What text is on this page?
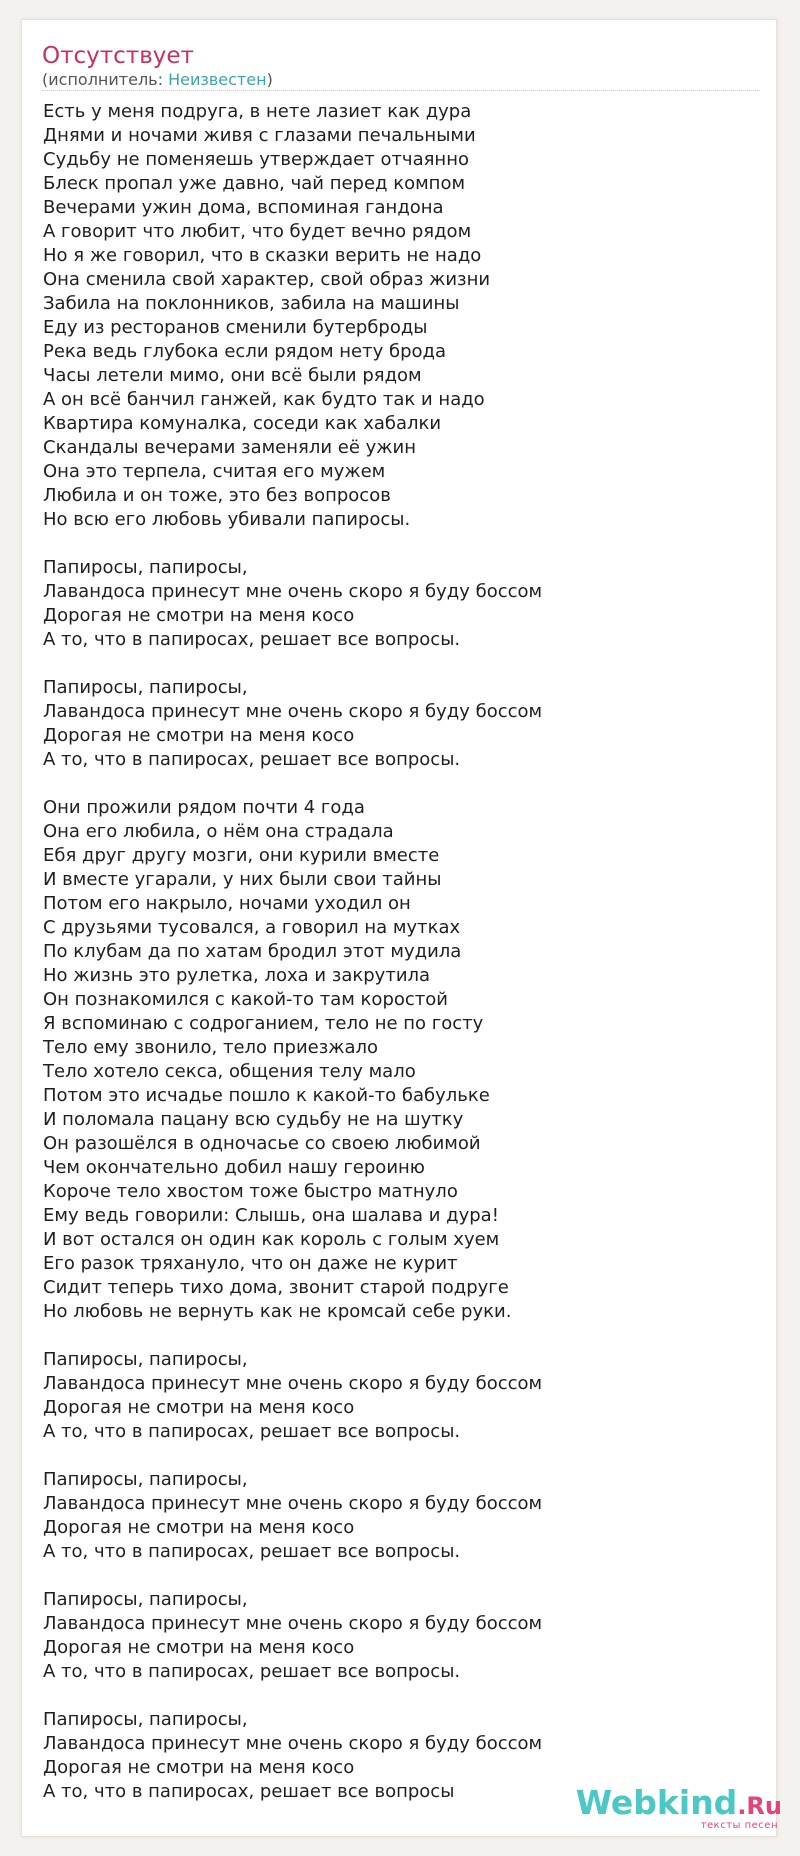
Отсутствует
(исполнитель: Неизвестен)
Есть у меня подруга, в нете лазиет как дура
Днями и ночами живя с глазами печальными
Судьбу не поменяешь утверждает отчаянно
Блеск пропал уже давно, чай перед компом
Вечерами ужин дома, вспоминая гандона
А говорит что любит, что будет вечно рядом
Но я же говорил, что в сказки верить не надо
Она сменила свой характер, свой образ жизни
Забила на поклонников, забила на машины
Еду из ресторанов сменили бутерброды
Река ведь глубока если рядом нету брода
Часы летели мимо, они всё были рядом
А он всё банчил ганжей, как будто так и надо
Квартира комуналка, соседи как хабалки
Скандалы вечерами заменяли её ужин
Она это терпела, считая его мужем
Любила и он тоже, это без вопросов
Но всю его любовь убивали папиросы.
Папиросы, папиросы,
Лавандоса принесут мне очень скоро я буду боссом
Дорогая не смотри на меня косо
А то, что в папиросах, решает все вопросы.
Папиросы, папиросы,
Лавандоса принесут мне очень скоро я буду боссом
Дорогая не смотри на меня косо
А то, что в папиросах, решает все вопросы.
Они прожили рядом почти 4 года
Она его любила, о нём она страдала
Ебя друг другу мозги, они курили вместе
И вместе угарали, у них были свои тайны
Потом его накрыло, ночами уходил он
С друзьями тусовался, а говорил на мутках
По клубам да по хатам бродил этот мудила
Но жизнь это рулетка, лоха и закрутила
Он познакомился с какой-то там коростой
Я вспоминаю с содроганием, тело не по госту
Тело ему звонило, тело приезжало
Тело хотело секса, общения телу мало
Потом это исчадье пошло к какой-то бабульке
И поломала пацану всю судьбу не на шутку
Он разошёлся в одночасье со своею любимой
Чем окончательно добил нашу героиню
Короче тело хвостом тоже быстро матнуло
Ему ведь говорили: Слышь, она шалава и дура!
И вот остался он один как король с голым хуем
Его разок тряхануло, что он даже не курит
Сидит теперь тихо дома, звонит старой подруге
Но любовь не вернуть как не кромсай себе руки.
Папиросы, папиросы,
Лавандоса принесут мне очень скоро я буду боссом
Дорогая не смотри на меня косо
А то, что в папиросах, решает все вопросы.
Папиросы, папиросы,
Лавандоса принесут мне очень скоро я буду боссом
Дорогая не смотри на меня косо
А то, что в папиросах, решает все вопросы.
Папиросы, папиросы,
Лавандоса принесут мне очень скоро я буду боссом
Дорогая не смотри на меня косо
А то, что в папиросах, решает все вопросы.
Папиросы, папиросы,
Лавандоса принесут мне очень скоро я буду боссом
Дорогая не смотри на меня косо
А то, что в папиросах, решает все вопросы	Webkind.Ru
тексты песен
